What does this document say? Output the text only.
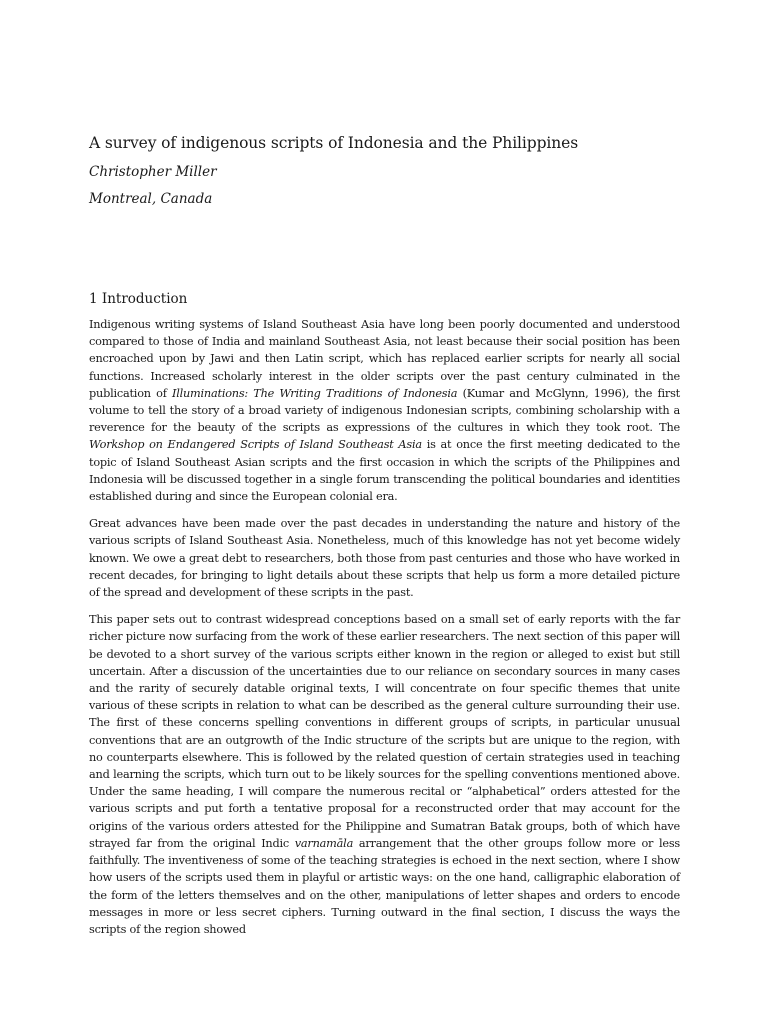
A survey of indigenous scripts of Indonesia and the Philippines
Christopher Miller
Montreal, Canada
1 Introduction

Indigenous writing systems of Island Southeast Asia have long been poorly documented and understood compared to those of India and mainland Southeast Asia, not least because their social position has been encroached upon by Jawi and then Latin script, which has replaced earlier scripts for nearly all social functions. Increased scholarly interest in the older scripts over the past century culminated in the publication of Illuminations: The Writing Traditions of Indonesia (Kumar and McGlynn, 1996), the first volume to tell the story of a broad variety of indigenous Indonesian scripts, combining scholarship with a reverence for the beauty of the scripts as expressions of the cultures in which they took root. The Workshop on Endangered Scripts of Island Southeast Asia is at once the first meeting dedicated to the topic of Island Southeast Asian scripts and the first occasion in which the scripts of the Philippines and Indonesia will be discussed together in a single forum transcending the political boundaries and identities established during and since the European colonial era.

Great advances have been made over the past decades in understanding the nature and history of the various scripts of Island Southeast Asia. Nonetheless, much of this knowledge has not yet become widely known. We owe a great debt to researchers, both those from past centuries and those who have worked in recent decades, for bringing to light details about these scripts that help us form a more detailed picture of the spread and development of these scripts in the past.

This paper sets out to contrast widespread conceptions based on a small set of early reports with the far richer picture now surfacing from the work of these earlier researchers. The next section of this paper will be devoted to a short survey of the various scripts either known in the region or alleged to exist but still uncertain. After a discussion of the uncertainties due to our reliance on secondary sources in many cases and the rarity of securely datable original texts, I will concentrate on four specific themes that unite various of these scripts in relation to what can be described as the general culture surrounding their use. The first of these concerns spelling conventions in different groups of scripts, in particular unusual conventions that are an outgrowth of the Indic structure of the scripts but are unique to the region, with no counterparts elsewhere. This is followed by the related question of certain strategies used in teaching and learning the scripts, which turn out to be likely sources for the spelling conventions mentioned above. Under the same heading, I will compare the numerous recital or “alphabetical” orders attested for the various scripts and put forth a tentative proposal for a reconstructed order that may account for the origins of the various orders attested for the Philippine and Sumatran Batak groups, both of which have strayed far from the original Indic varnamāla arrangement that the other groups follow more or less faithfully. The inventiveness of some of the teaching strategies is echoed in the next section, where I show how users of the scripts used them in playful or artistic ways: on the one hand, calligraphic elaboration of the form of the letters themselves and on the other, manipulations of letter shapes and orders to encode messages in more or less secret ciphers. Turning outward in the final section, I discuss the ways the scripts of the region showed
